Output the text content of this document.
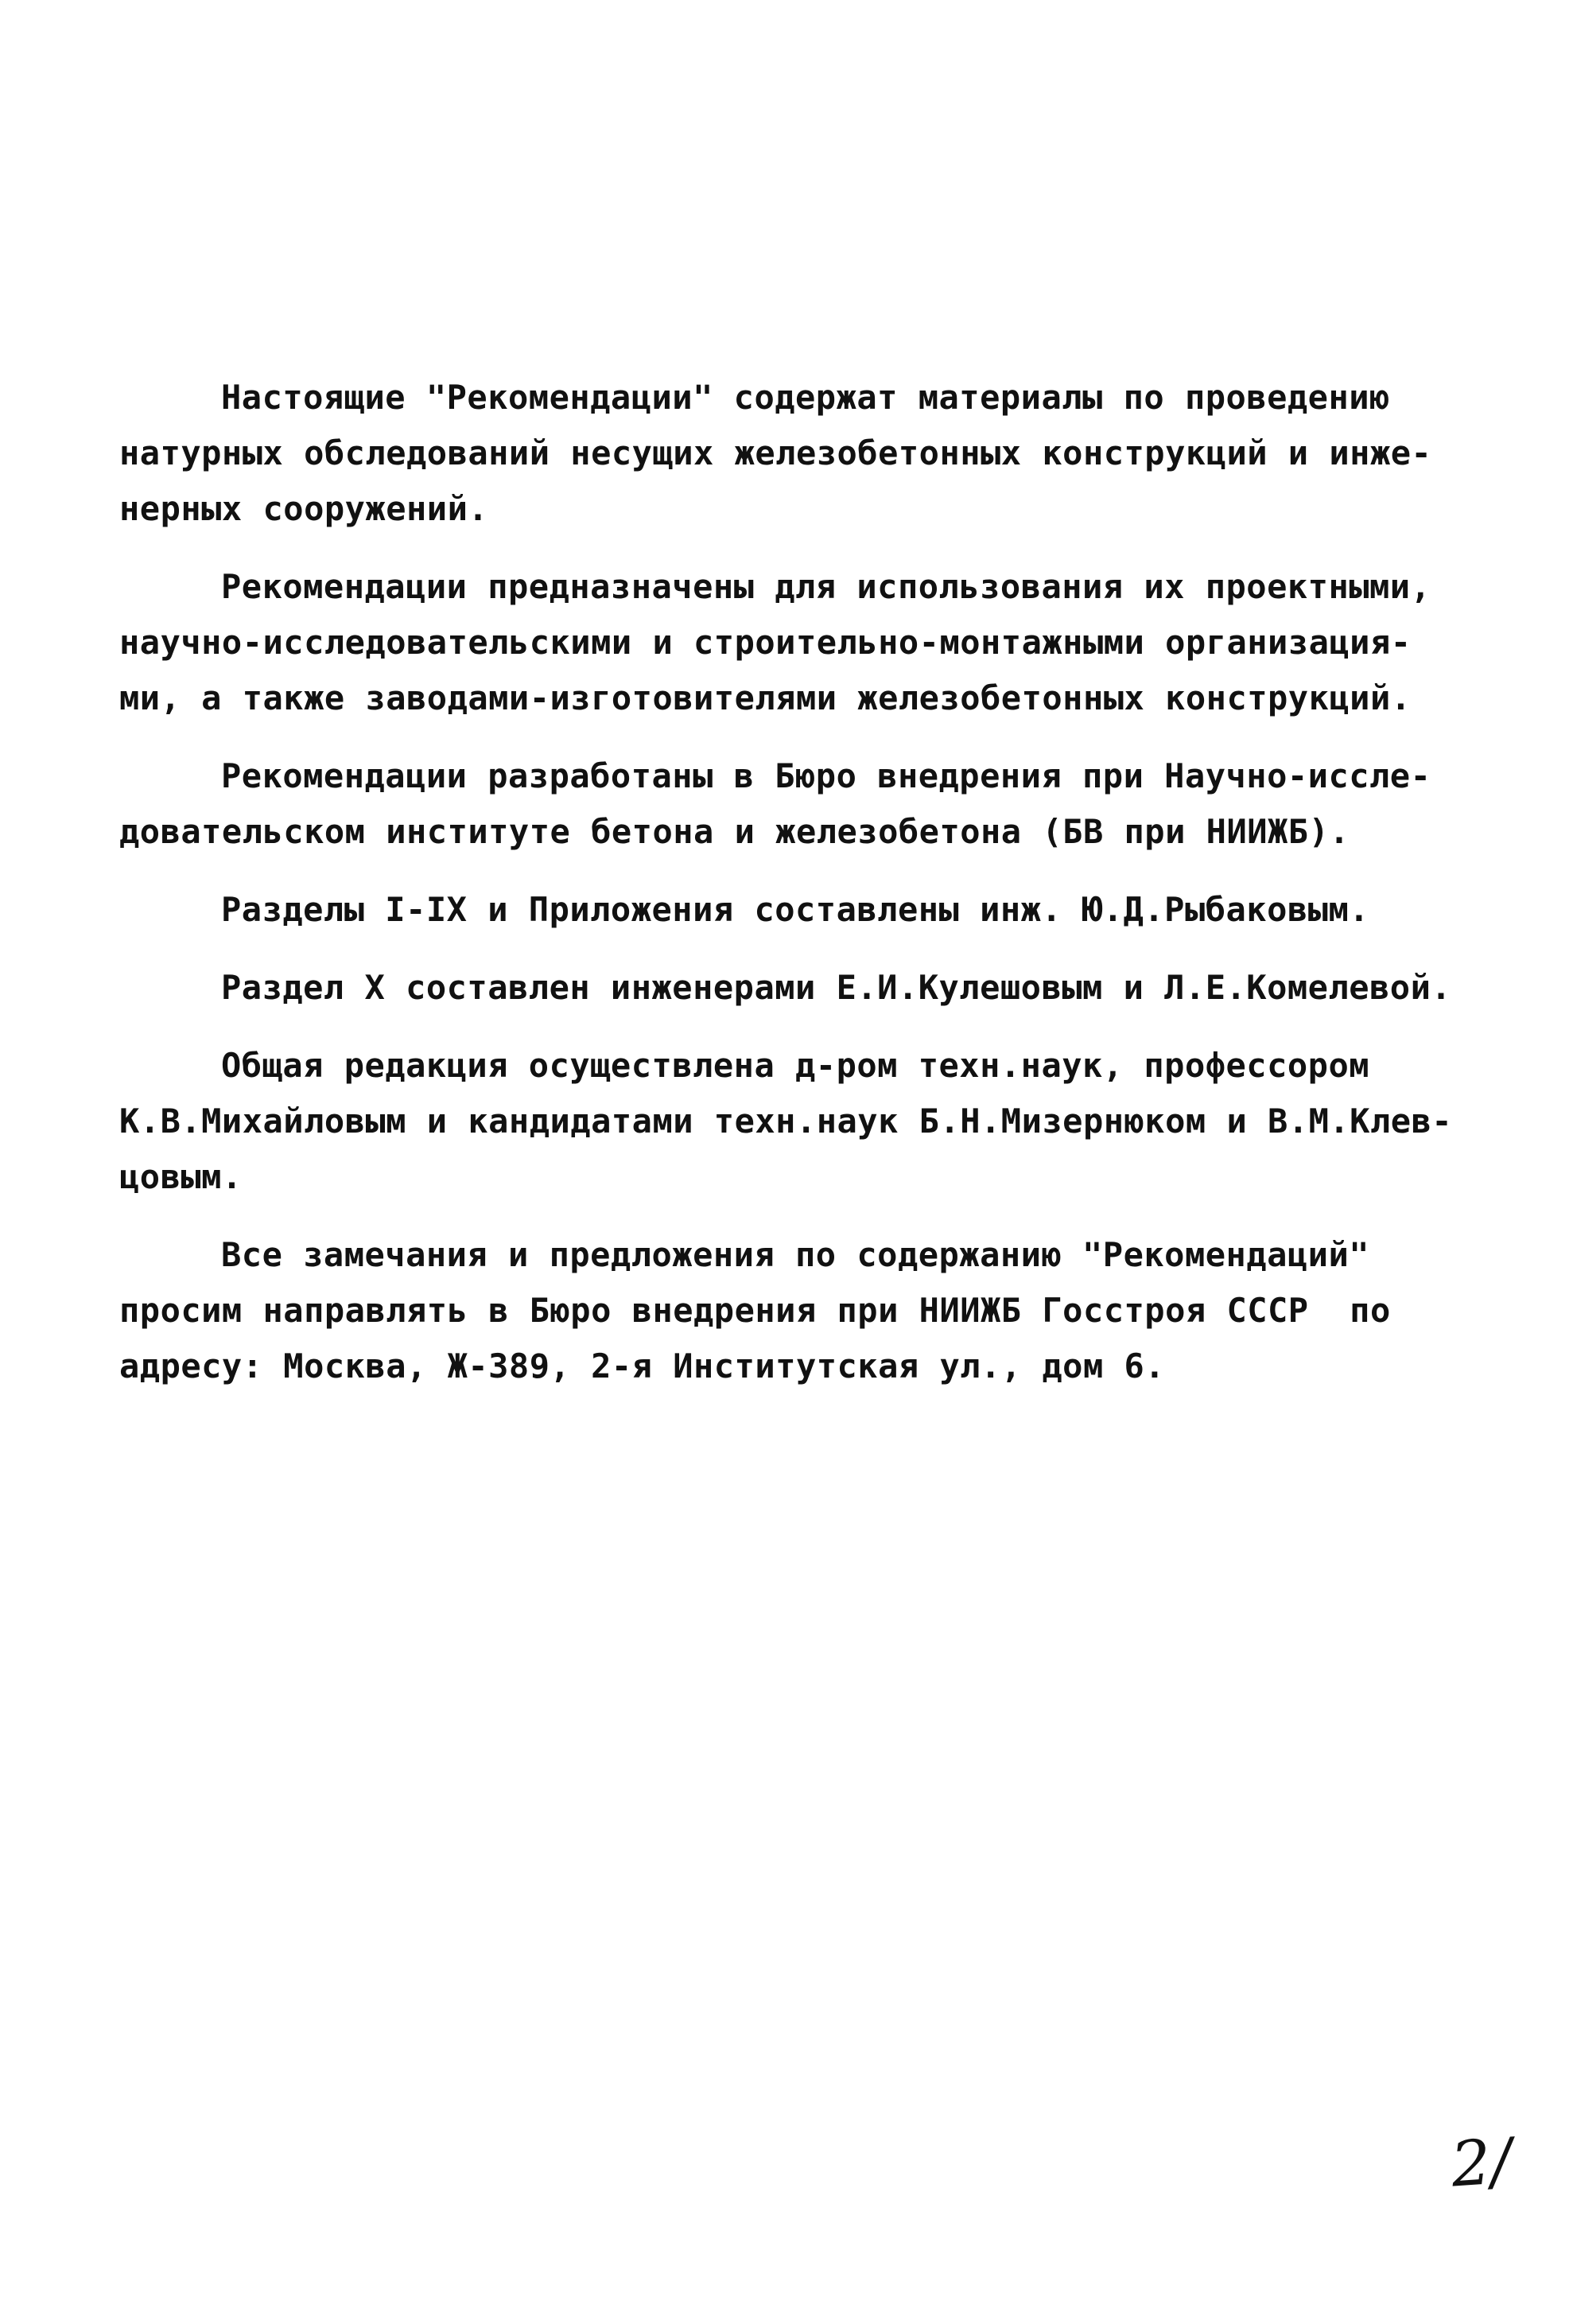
Настоящие "Рекомендации" содержат материалы по проведению
натурных обследований несущих железобетонных конструкций и инже-
нерных сооружений.

Рекомендации предназначены для использования их проектными,
научно-исследовательскими и строительно-монтажными организация-
ми, а также заводами-изготовителями железобетонных конструкций.

Рекомендации разработаны в Бюро внедрения при Научно-иссле-
довательском институте бетона и железобетона (БВ при НИИЖБ).

Разделы I-IX и Приложения составлены инж. Ю.Д.Рыбаковым.

Раздел X составлен инженерами Е.И.Кулешовым и Л.Е.Комелевой.

Общая редакция осуществлена д-ром техн.наук, профессором
К.В.Михайловым и кандидатами техн.наук Б.Н.Мизернюком и В.М.Клев-
цовым.

Все замечания и предложения по содержанию "Рекомендаций"
просим направлять в Бюро внедрения при НИИЖБ Госстроя СССР  по
адресу: Москва, Ж-389, 2-я Институтская ул., дом 6.

2/
